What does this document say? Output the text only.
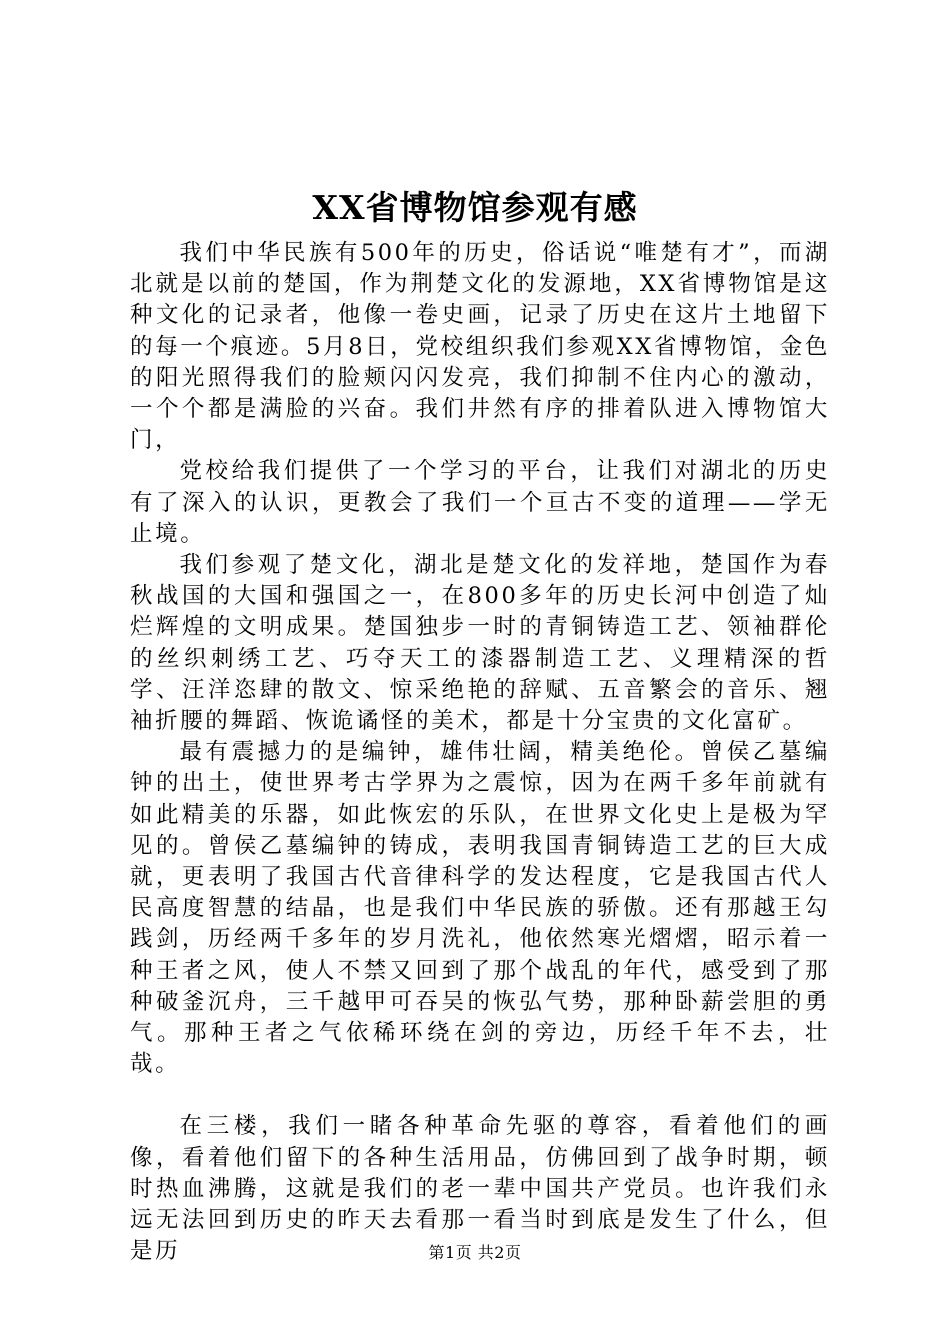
XX省博物馆参观有感

我们中华民族有500年的历史，俗话说“唯楚有才”，而湖北就是以前的楚国，作为荆楚文化的发源地，XX省博物馆是这种文化的记录者，他像一卷史画，记录了历史在这片土地留下的每一个痕迹。5月8日，党校组织我们参观XX省博物馆，金色的阳光照得我们的脸颊闪闪发亮，我们抑制不住内心的激动，一个个都是满脸的兴奋。我们井然有序的排着队进入博物馆大门，

党校给我们提供了一个学习的平台，让我们对湖北的历史有了深入的认识，更教会了我们一个亘古不变的道理——学无止境。

我们参观了楚文化，湖北是楚文化的发祥地，楚国作为春秋战国的大国和强国之一，在800多年的历史长河中创造了灿烂辉煌的文明成果。楚国独步一时的青铜铸造工艺、领袖群伦的丝织刺绣工艺、巧夺天工的漆器制造工艺、义理精深的哲学、汪洋恣肆的散文、惊采绝艳的辞赋、五音繁会的音乐、翘袖折腰的舞蹈、恢诡谲怪的美术，都是十分宝贵的文化富矿。

最有震撼力的是编钟，雄伟壮阔，精美绝伦。曾侯乙墓编钟的出土，使世界考古学界为之震惊，因为在两千多年前就有如此精美的乐器，如此恢宏的乐队，在世界文化史上是极为罕见的。曾侯乙墓编钟的铸成，表明我国青铜铸造工艺的巨大成就，更表明了我国古代音律科学的发达程度，它是我国古代人民高度智慧的结晶，也是我们中华民族的骄傲。还有那越王勾践剑，历经两千多年的岁月洗礼，他依然寒光熠熠，昭示着一种王者之风，使人不禁又回到了那个战乱的年代，感受到了那种破釜沉舟，三千越甲可吞吴的恢弘气势，那种卧薪尝胆的勇气。那种王者之气依稀环绕在剑的旁边，历经千年不去，壮哉。

在三楼，我们一睹各种革命先驱的尊容，看着他们的画像，看着他们留下的各种生活用品，仿佛回到了战争时期，顿时热血沸腾，这就是我们的老一辈中国共产党员。也许我们永远无法回到历史的昨天去看那一看当时到底是发生了什么，但是历	第1页 共2页
